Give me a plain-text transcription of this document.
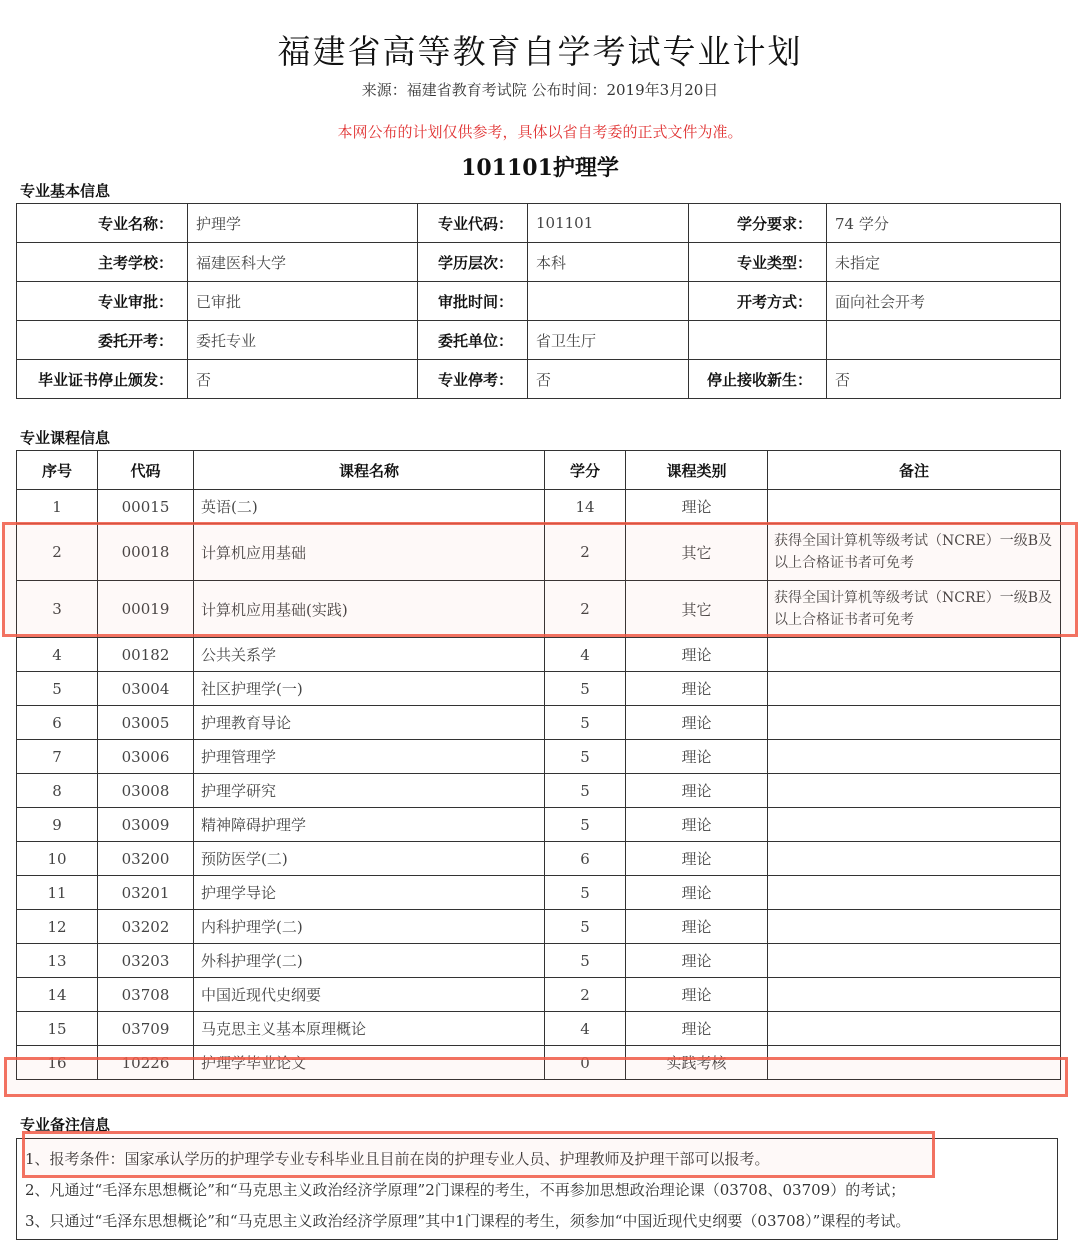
福建省高等教育自学考试专业计划
来源：福建省教育考试院 公布时间：2019年3月20日
本网公布的计划仅供参考，具体以省自考委的正式文件为准。
101101护理学
专业基本信息
专业名称：	护理学	专业代码：	101101	学分要求：	74 学分
主考学校：	福建医科大学	学历层次：	本科	专业类型：	未指定
专业审批：	已审批	审批时间：		开考方式：	面向社会开考
委托开考：	委托专业	委托单位：	省卫生厅		
毕业证书停止颁发：	否	专业停考：	否	停止接收新生：	否
专业课程信息
序号	代码	课程名称	学分	课程类别	备注
1	00015	英语(二)	14	理论	
2	00018	计算机应用基础	2	其它	获得全国计算机等级考试（NCRE）一级B及以上合格证书者可免考
3	00019	计算机应用基础(实践)	2	其它	获得全国计算机等级考试（NCRE）一级B及以上合格证书者可免考
4	00182	公共关系学	4	理论	
5	03004	社区护理学(一)	5	理论	
6	03005	护理教育导论	5	理论	
7	03006	护理管理学	5	理论	
8	03008	护理学研究	5	理论	
9	03009	精神障碍护理学	5	理论	
10	03200	预防医学(二)	6	理论	
11	03201	护理学导论	5	理论	
12	03202	内科护理学(二)	5	理论	
13	03203	外科护理学(二)	5	理论	
14	03708	中国近现代史纲要	2	理论	
15	03709	马克思主义基本原理概论	4	理论	
16	10226	护理学毕业论文	0	实践考核	
专业备注信息
1、报考条件：国家承认学历的护理学专业专科毕业且目前在岗的护理专业人员、护理教师及护理干部可以报考。
2、凡通过“毛泽东思想概论”和“马克思主义政治经济学原理”2门课程的考生，不再参加思想政治理论课（03708、03709）的考试；
3、只通过“毛泽东思想概论”和“马克思主义政治经济学原理”其中1门课程的考生，须参加“中国近现代史纲要（03708）”课程的考试。
